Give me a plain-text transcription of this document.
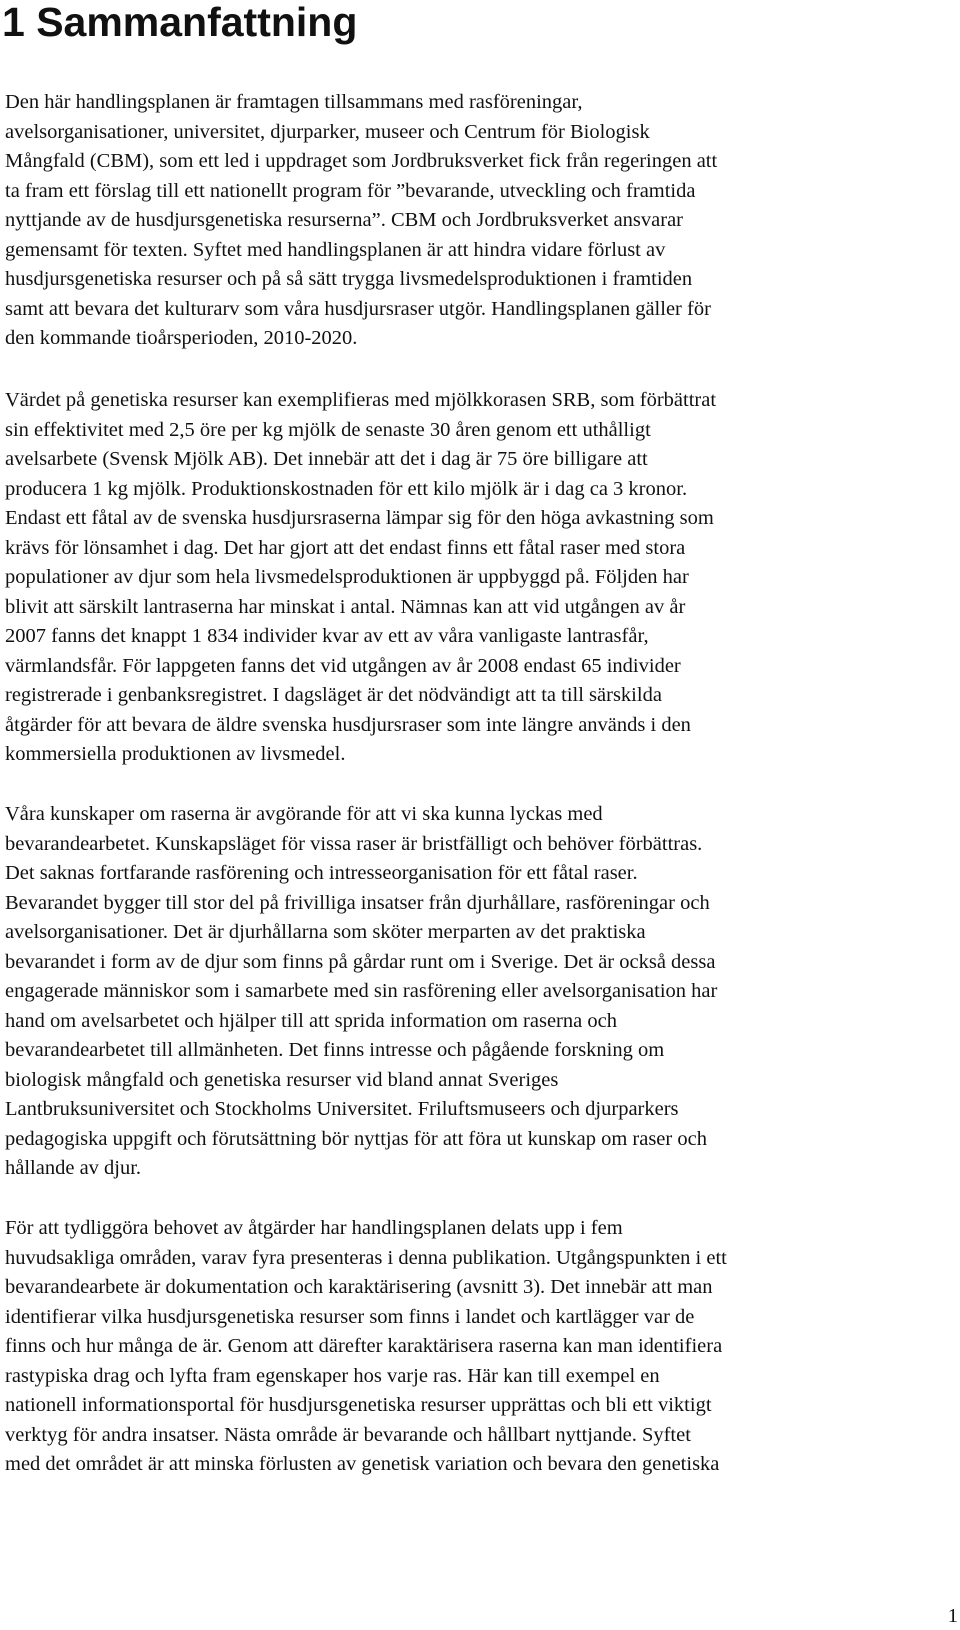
1 Sammanfattning

Den här handlingsplanen är framtagen tillsammans med rasföreningar,
avelsorganisationer, universitet, djurparker, museer och Centrum för Biologisk
Mångfald (CBM), som ett led i uppdraget som Jordbruksverket fick från regeringen att
ta fram ett förslag till ett nationellt program för ”bevarande, utveckling och framtida
nyttjande av de husdjursgenetiska resurserna”. CBM och Jordbruksverket ansvarar
gemensamt för texten. Syftet med handlingsplanen är att hindra vidare förlust av
husdjursgenetiska resurser och på så sätt trygga livsmedelsproduktionen i framtiden
samt att bevara det kulturarv som våra husdjursraser utgör. Handlingsplanen gäller för
den kommande tioårsperioden, 2010-2020.

Värdet på genetiska resurser kan exemplifieras med mjölkkorasen SRB, som förbättrat
sin effektivitet med 2,5 öre per kg mjölk de senaste 30 åren genom ett uthålligt
avelsarbete (Svensk Mjölk AB). Det innebär att det i dag är 75 öre billigare att
producera 1 kg mjölk. Produktionskostnaden för ett kilo mjölk är i dag ca 3 kronor.
Endast ett fåtal av de svenska husdjursraserna lämpar sig för den höga avkastning som
krävs för lönsamhet i dag. Det har gjort att det endast finns ett fåtal raser med stora
populationer av djur som hela livsmedelsproduktionen är uppbyggd på. Följden har
blivit att särskilt lantraserna har minskat i antal. Nämnas kan att vid utgången av år
2007 fanns det knappt 1 834 individer kvar av ett av våra vanligaste lantrasfår,
värmlandsfår. För lappgeten fanns det vid utgången av år 2008 endast 65 individer
registrerade i genbanksregistret. I dagsläget är det nödvändigt att ta till särskilda
åtgärder för att bevara de äldre svenska husdjursraser som inte längre används i den
kommersiella produktionen av livsmedel.

Våra kunskaper om raserna är avgörande för att vi ska kunna lyckas med
bevarandearbetet. Kunskapsläget för vissa raser är bristfälligt och behöver förbättras.
Det saknas fortfarande rasförening och intresseorganisation för ett fåtal raser.
Bevarandet bygger till stor del på frivilliga insatser från djurhållare, rasföreningar och
avelsorganisationer. Det är djurhållarna som sköter merparten av det praktiska
bevarandet i form av de djur som finns på gårdar runt om i Sverige. Det är också dessa
engagerade människor som i samarbete med sin rasförening eller avelsorganisation har
hand om avelsarbetet och hjälper till att sprida information om raserna och
bevarandearbetet till allmänheten. Det finns intresse och pågående forskning om
biologisk mångfald och genetiska resurser vid bland annat Sveriges
Lantbruksuniversitet och Stockholms Universitet. Friluftsmuseers och djurparkers
pedagogiska uppgift och förutsättning bör nyttjas för att föra ut kunskap om raser och
hållande av djur.

För att tydliggöra behovet av åtgärder har handlingsplanen delats upp i fem
huvudsakliga områden, varav fyra presenteras i denna publikation. Utgångspunkten i ett
bevarandearbete är dokumentation och karaktärisering (avsnitt 3). Det innebär att man
identifierar vilka husdjursgenetiska resurser som finns i landet och kartlägger var de
finns och hur många de är. Genom att därefter karaktärisera raserna kan man identifiera
rastypiska drag och lyfta fram egenskaper hos varje ras. Här kan till exempel en
nationell informationsportal för husdjursgenetiska resurser upprättas och bli ett viktigt
verktyg för andra insatser. Nästa område är bevarande och hållbart nyttjande. Syftet
med det området är att minska förlusten av genetisk variation och bevara den genetiska

1
